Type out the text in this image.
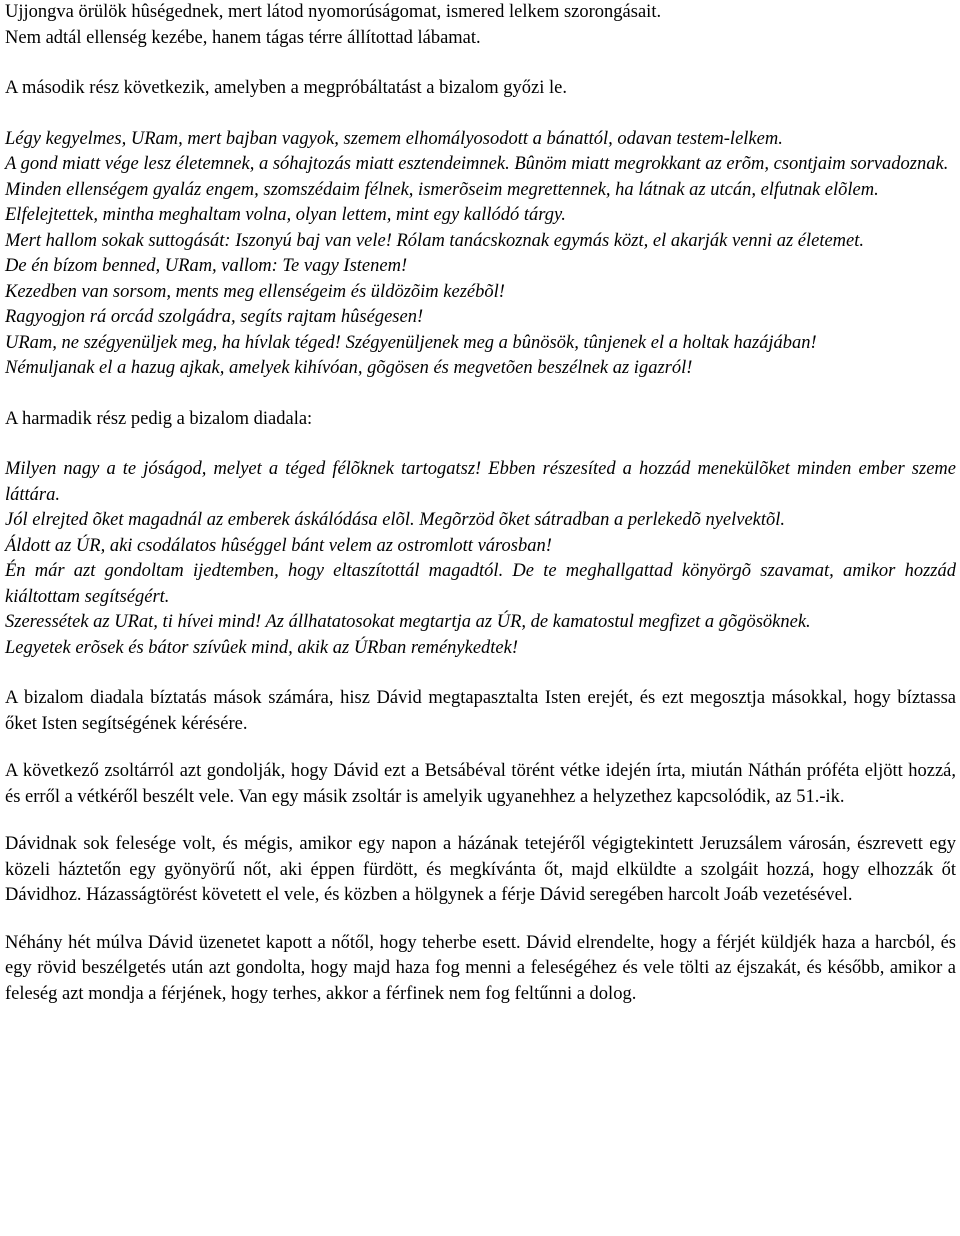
Ujjongva örülök hûségednek, mert látod nyomorúságomat, ismered lelkem szorongásait.
Nem adtál ellenség kezébe, hanem tágas térre állítottad lábamat.

A második rész következik, amelyben a megpróbáltatást a bizalom győzi le.

Légy kegyelmes, URam, mert bajban vagyok, szemem elhomályosodott a bánattól, odavan testem-lelkem.
A gond miatt vége lesz életemnek, a sóhajtozás miatt esztendeimnek. Bûnöm miatt megrokkant az erõm, csontjaim sorvadoznak.
Minden ellenségem gyaláz engem, szomszédaim félnek, ismerõseim megrettennek, ha látnak az utcán, elfutnak elõlem.
Elfelejtettek, mintha meghaltam volna, olyan lettem, mint egy kallódó tárgy.
Mert hallom sokak suttogását: Iszonyú baj van vele! Rólam tanácskoznak egymás közt, el akarják venni az életemet.
De én bízom benned, URam, vallom: Te vagy Istenem!
Kezedben van sorsom, ments meg ellenségeim és üldözõim kezébõl!
Ragyogjon rá orcád szolgádra, segíts rajtam hûségesen!
URam, ne szégyenüljek meg, ha hívlak téged! Szégyenüljenek meg a bûnösök, tûnjenek el a holtak hazájában!
Némuljanak el a hazug ajkak, amelyek kihívóan, gõgösen és megvetõen beszélnek az igazról!

A harmadik rész pedig a bizalom diadala:

Milyen nagy a te jóságod, melyet a téged félõknek tartogatsz! Ebben részesíted a hozzád menekülõket minden ember szeme láttára.
Jól elrejted õket magadnál az emberek áskálódása elõl. Megõrzöd õket sátradban a perlekedõ nyelvektõl.
Áldott az ÚR, aki csodálatos hûséggel bánt velem az ostromlott városban!
Én már azt gondoltam ijedtemben, hogy eltaszítottál magadtól. De te meghallgattad könyörgõ szavamat, amikor hozzád kiáltottam segítségért.
Szeressétek az URat, ti hívei mind! Az állhatatosokat megtartja az ÚR, de kamatostul megfizet a gõgösöknek.
Legyetek erõsek és bátor szívûek mind, akik az ÚRban reménykedtek!

A bizalom diadala bíztatás mások számára, hisz Dávid megtapasztalta Isten erejét, és ezt megosztja másokkal, hogy bíztassa őket Isten segítségének kérésére.

A következő zsoltárról azt gondolják, hogy Dávid ezt a Betsábéval törént vétke idején írta, miután Náthán próféta eljött hozzá, és erről a vétkéről beszélt vele. Van egy másik zsoltár is amelyik ugyanehhez a helyzethez kapcsolódik, az 51.-ik.

Dávidnak sok felesége volt, és mégis, amikor egy napon a házának tetejéről végigtekintett Jeruzsálem városán, észrevett egy közeli háztetőn egy gyönyörű nőt, aki éppen fürdött, és megkívánta őt, majd elküldte a szolgáit hozzá, hogy elhozzák őt Dávidhoz. Házasságtörést követett el vele, és közben a hölgynek a férje Dávid seregében harcolt Joáb vezetésével.

Néhány hét múlva Dávid üzenetet kapott a nőtől, hogy teherbe esett. Dávid elrendelte, hogy a férjét küldjék haza a harcból, és egy rövid beszélgetés után azt gondolta, hogy majd haza fog menni a feleségéhez és vele tölti az éjszakát, és később, amikor a feleség azt mondja a férjének, hogy terhes, akkor a férfinek nem fog feltűnni a dolog.
